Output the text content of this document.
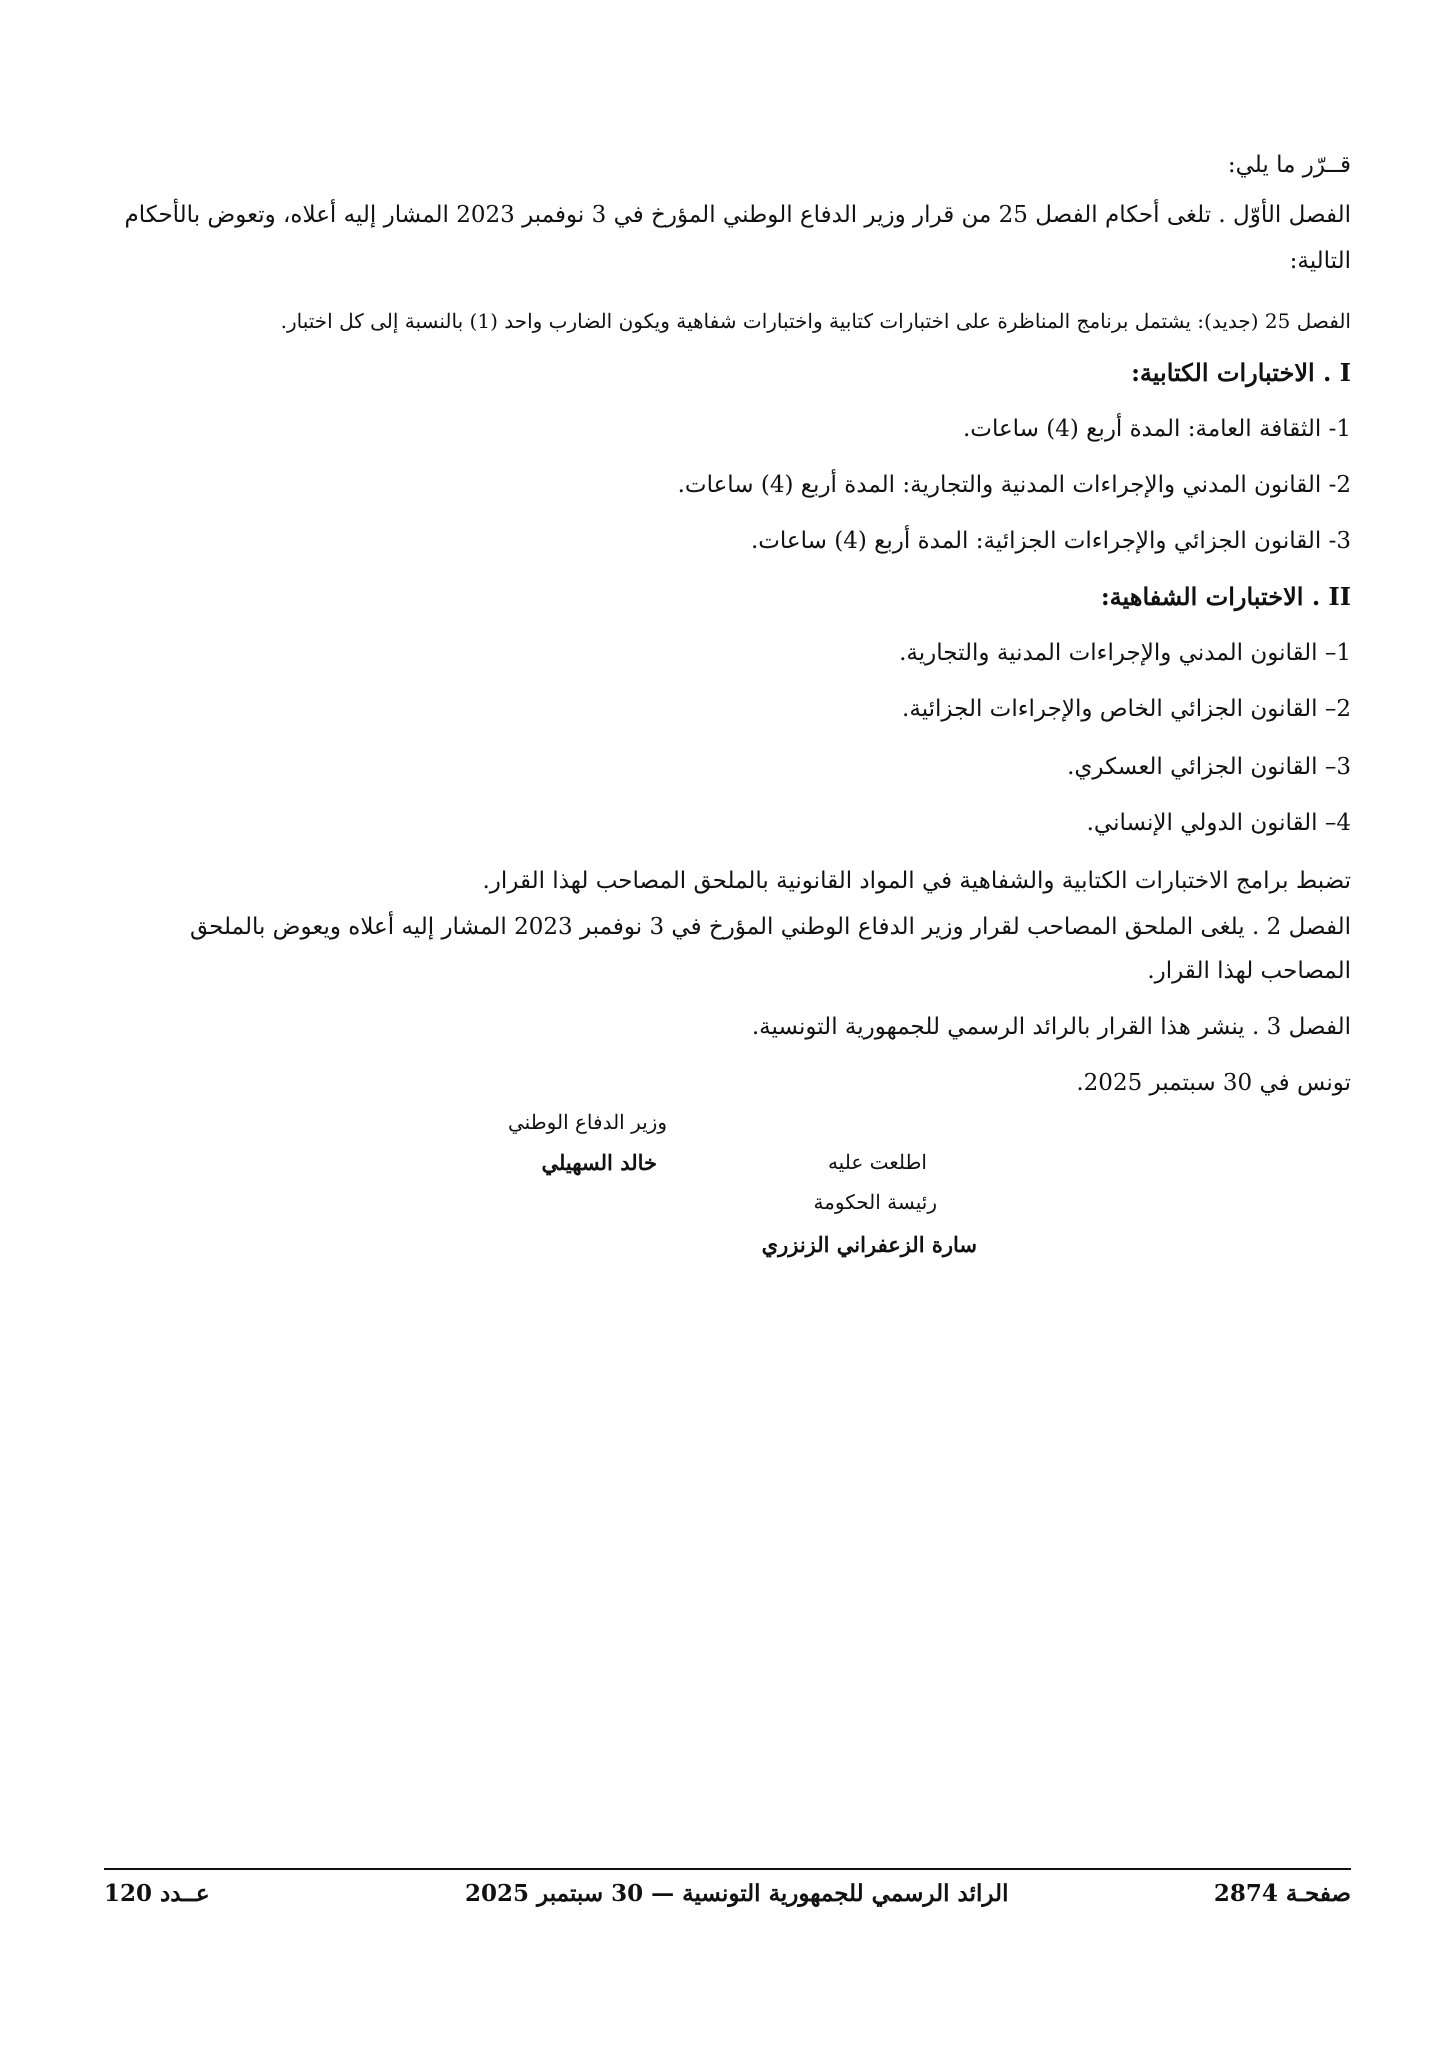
قــرّر ما يلي:
الفصل الأوّل . تلغى أحكام الفصل 25 من قرار وزير الدفاع الوطني المؤرخ في 3 نوفمبر 2023 المشار إليه أعلاه، وتعوض بالأحكام
التالية:
الفصل 25 (جديد): يشتمل برنامج المناظرة على اختبارات كتابية واختبارات شفاهية ويكون الضارب واحد (1) بالنسبة إلى كل اختبار.
I . الاختبارات الكتابية:
1- الثقافة العامة: المدة أربع (4) ساعات.
2- القانون المدني والإجراءات المدنية والتجارية: المدة أربع (4) ساعات.
3- القانون الجزائي والإجراءات الجزائية: المدة أربع (4) ساعات.
II . الاختبارات الشفاهية:
1– القانون المدني والإجراءات المدنية والتجارية.
2– القانون الجزائي الخاص والإجراءات الجزائية.
3– القانون الجزائي العسكري.
4– القانون الدولي الإنساني.
تضبط برامج الاختبارات الكتابية والشفاهية في المواد القانونية بالملحق المصاحب لهذا القرار.
الفصل 2 . يلغى الملحق المصاحب لقرار وزير الدفاع الوطني المؤرخ في 3 نوفمبر 2023 المشار إليه أعلاه ويعوض بالملحق
المصاحب لهذا القرار.
الفصل 3 . ينشر هذا القرار بالرائد الرسمي للجمهورية التونسية.
تونس في 30 سبتمبر 2025.
وزير الدفاع الوطني
خالد السهيلي	اطلعت عليه
رئيسة الحكومة
سارة الزعفراني الزنزري
صفحـة 2874
الرائد الرسمي للجمهورية التونسية — 30 سبتمبر 2025
عــدد 120
